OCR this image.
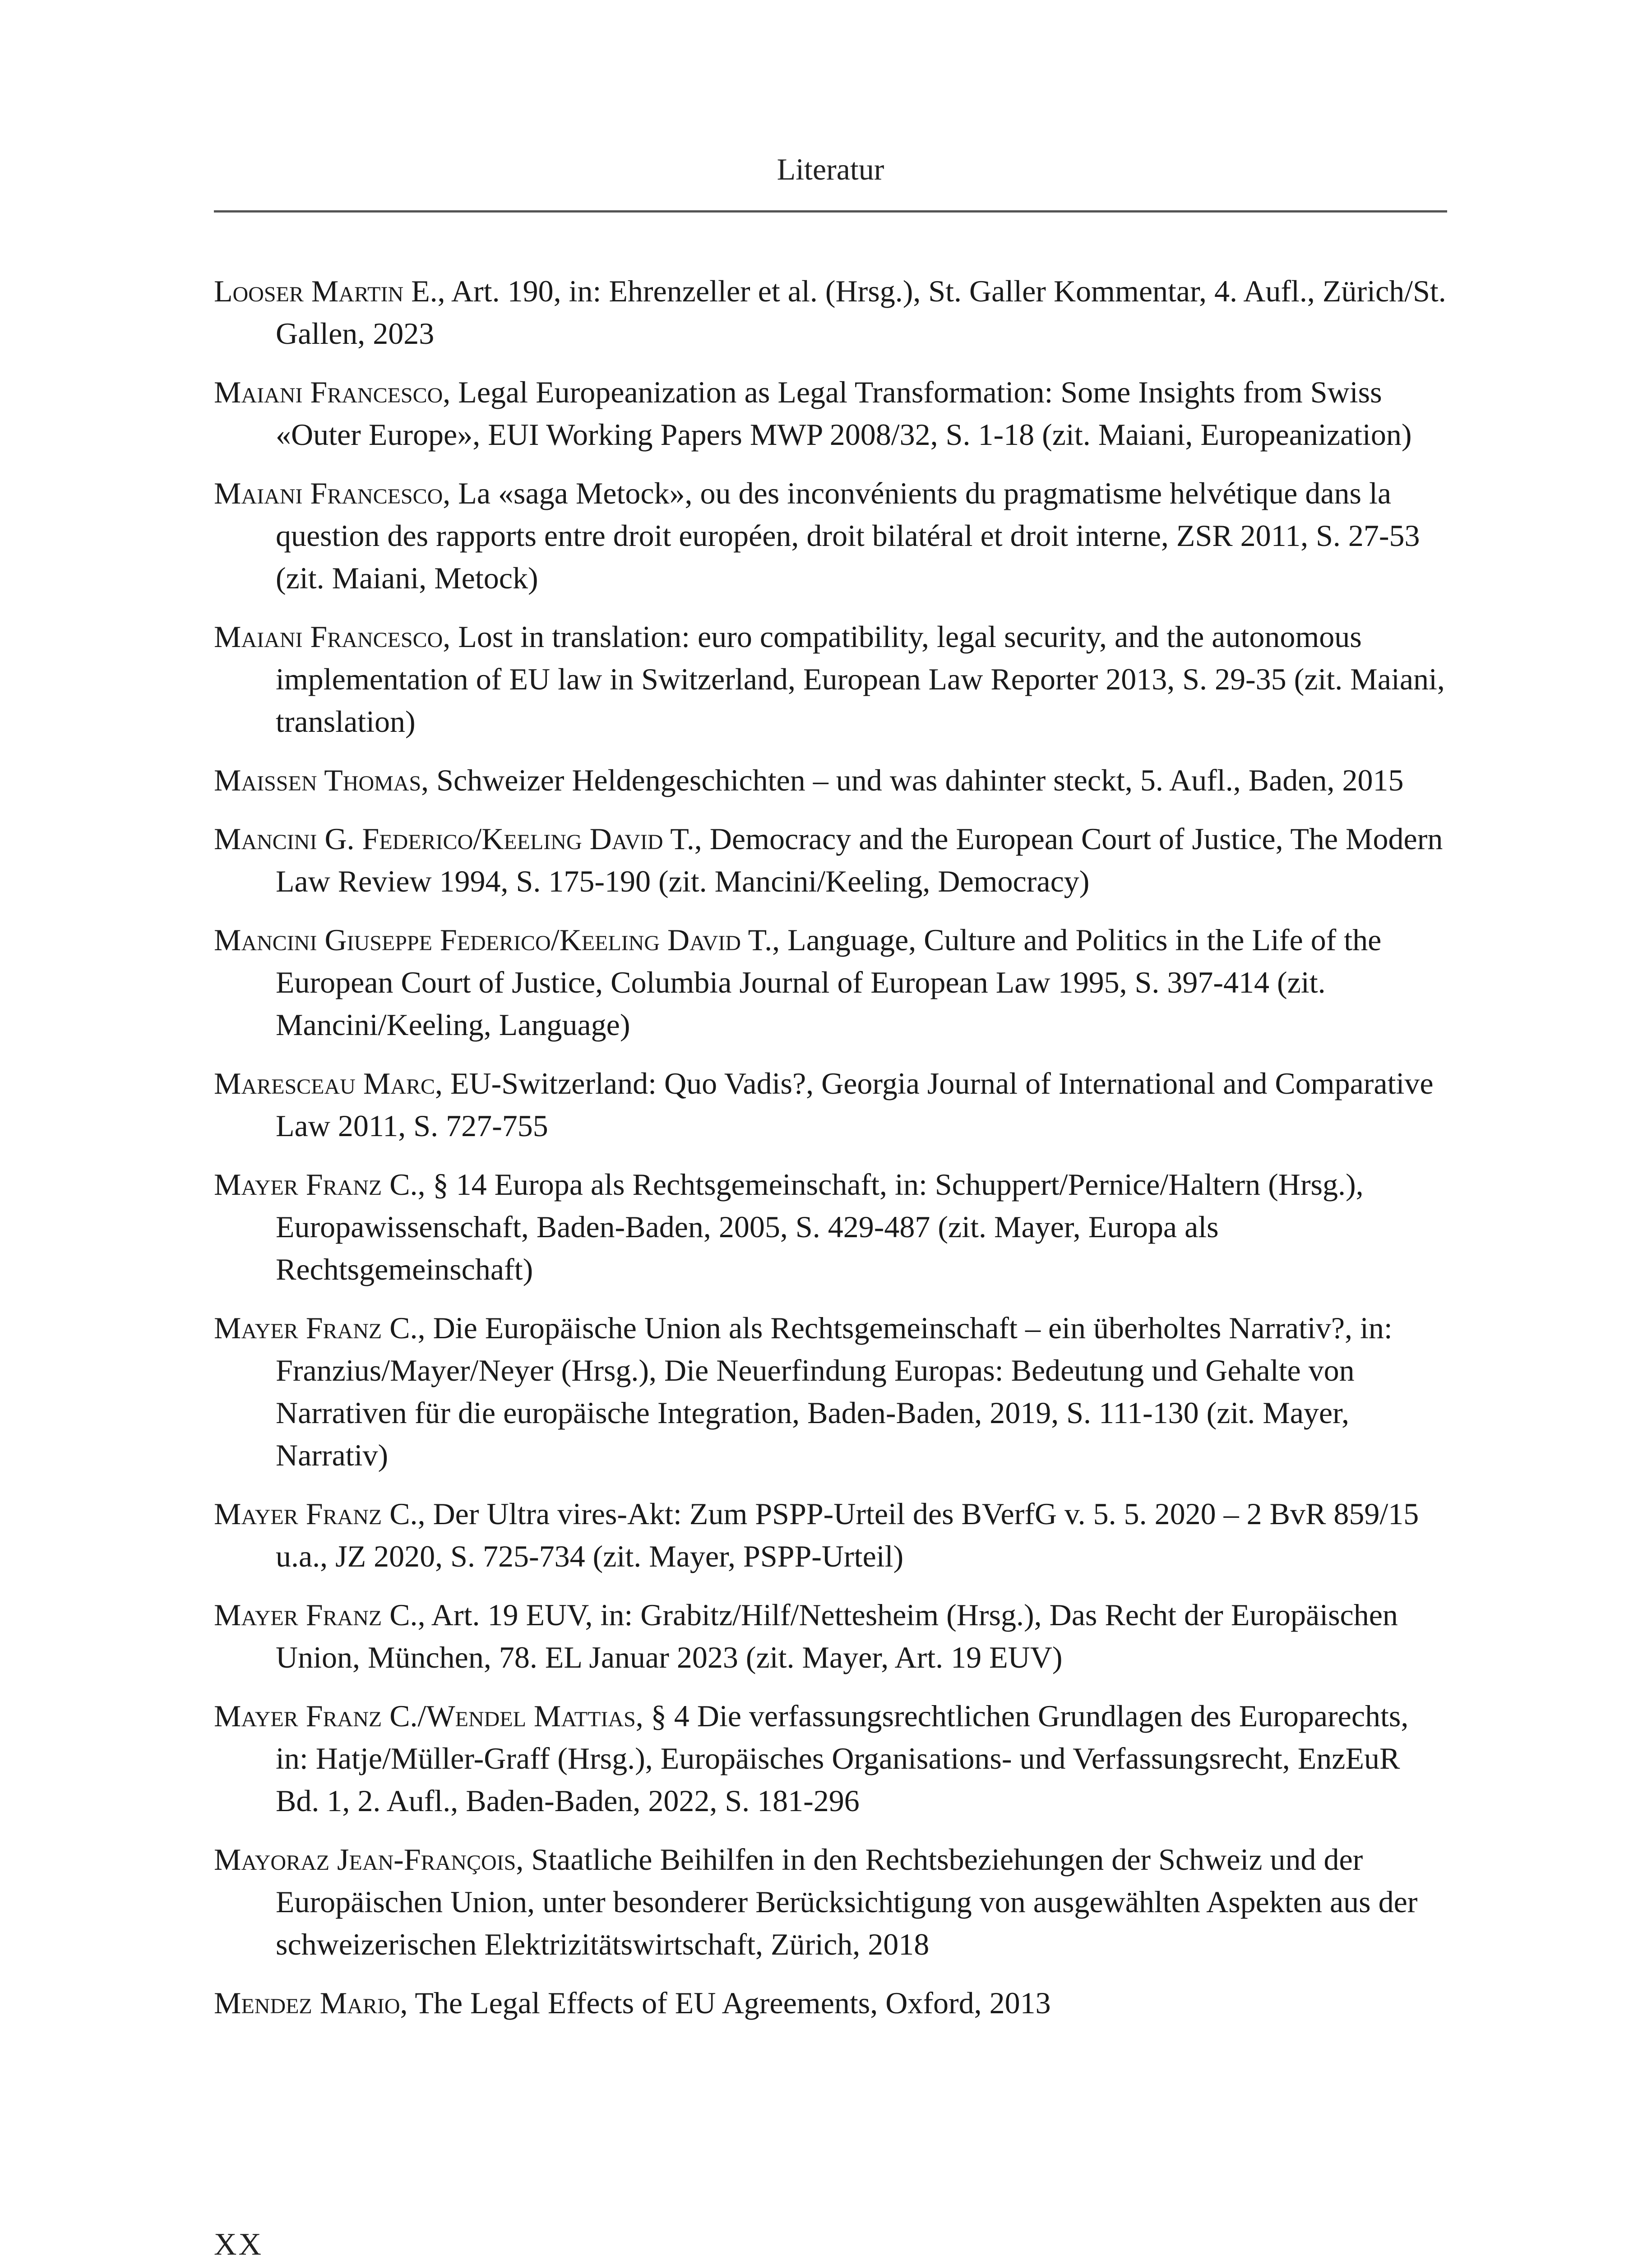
Literatur
Looser Martin E., Art. 190, in: Ehrenzeller et al. (Hrsg.), St. Galler Kommentar, 4. Aufl., Zürich/St. Gallen, 2023
Maiani Francesco, Legal Europeanization as Legal Transformation: Some Insights from Swiss «Outer Europe», EUI Working Papers MWP 2008/32, S. 1-18 (zit. Maiani, Europeanization)
Maiani Francesco, La «saga Metock», ou des inconvénients du pragmatisme helvétique dans la question des rapports entre droit européen, droit bilatéral et droit interne, ZSR 2011, S. 27-53 (zit. Maiani, Metock)
Maiani Francesco, Lost in translation: euro compatibility, legal security, and the autonomous implementation of EU law in Switzerland, European Law Reporter 2013, S. 29-35 (zit. Maiani, translation)
Maissen Thomas, Schweizer Heldengeschichten – und was dahinter steckt, 5. Aufl., Baden, 2015
Mancini G. Federico/Keeling David T., Democracy and the European Court of Justice, The Modern Law Review 1994, S. 175-190 (zit. Mancini/Keeling, Democracy)
Mancini Giuseppe Federico/Keeling David T., Language, Culture and Politics in the Life of the European Court of Justice, Columbia Journal of European Law 1995, S. 397-414 (zit. Mancini/Keeling, Language)
Maresceau Marc, EU-Switzerland: Quo Vadis?, Georgia Journal of International and Comparative Law 2011, S. 727-755
Mayer Franz C., § 14 Europa als Rechtsgemeinschaft, in: Schuppert/Pernice/Haltern (Hrsg.), Europawissenschaft, Baden-Baden, 2005, S. 429-487 (zit. Mayer, Europa als Rechtsgemeinschaft)
Mayer Franz C., Die Europäische Union als Rechtsgemeinschaft – ein überholtes Narrativ?, in: Franzius/Mayer/Neyer (Hrsg.), Die Neuerfindung Europas: Bedeutung und Gehalte von Narrativen für die europäische Integration, Baden-Baden, 2019, S. 111-130 (zit. Mayer, Narrativ)
Mayer Franz C., Der Ultra vires-Akt: Zum PSPP-Urteil des BVerfG v. 5. 5. 2020 – 2 BvR 859/15 u.a., JZ 2020, S. 725-734 (zit. Mayer, PSPP-Urteil)
Mayer Franz C., Art. 19 EUV, in: Grabitz/Hilf/Nettesheim (Hrsg.), Das Recht der Europäischen Union, München, 78. EL Januar 2023 (zit. Mayer, Art. 19 EUV)
Mayer Franz C./Wendel Mattias, § 4 Die verfassungsrechtlichen Grundlagen des Europarechts, in: Hatje/Müller-Graff (Hrsg.), Europäisches Organisations- und Verfassungsrecht, EnzEuR Bd. 1, 2. Aufl., Baden-Baden, 2022, S. 181-296
Mayoraz Jean-François, Staatliche Beihilfen in den Rechtsbeziehungen der Schweiz und der Europäischen Union, unter besonderer Berücksichtigung von ausgewählten Aspekten aus der schweizerischen Elektrizitätswirtschaft, Zürich, 2018
Mendez Mario, The Legal Effects of EU Agreements, Oxford, 2013
XX
